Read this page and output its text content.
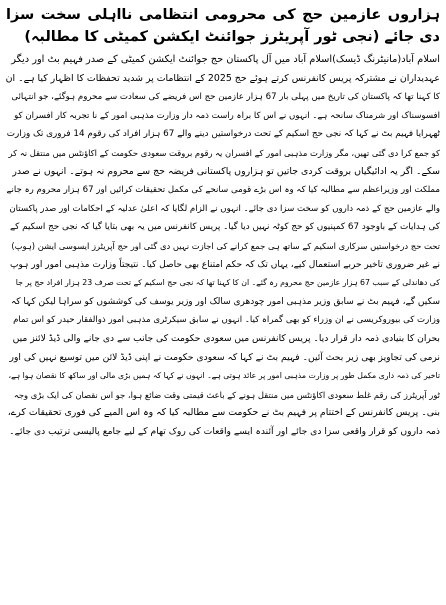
ہزاروں عازمین حج کی محرومی انتظامی نااہلی سخت سزا دی جائے (نجی ٹور آپریٹرز جوائنٹ ایکشن کمیٹی کا مطالبہ)
اسلام آباد(مانیٹرنگ ڈیسک)اسلام آباد میں آل پاکستان حج جوائنٹ ایکشن کمیٹی کے صدر فہیم بٹ اور دیگر
عہدیداران نے مشترکہ پریس کانفرنس کرتے ہوئے حج 2025 کے انتظامات پر شدید تحفظات کا اظہار کیا ہے۔ ان
کا کہنا تھا کہ پاکستان کی تاریخ میں پہلی بار 67 ہزار عازمین حج اس فریضے کی سعادت سے محروم ہوگئے، جو انتہائی
افسوسناک اور شرمناک سانحہ ہے۔ انہوں نے اس کا براہ راست ذمہ دار وزارت مذہبی امور کے نا تجربہ کار افسران کو
ٹھہرایا فہیم بٹ نے کہا کہ نجی حج اسکیم کے تحت درخواستیں دینے والے 67 ہزار افراد کی رقوم 14 فروری تک وزارت
کو جمع کرا دی گئی تھیں، مگر وزارت مذہبی امور کے افسران یہ رقوم بروقت سعودی حکومت کے اکاؤنٹس میں منتقل نہ کر
سکے۔ اگر یہ ادائیگیاں بروقت کردی جاتیں تو ہزاروں پاکستانی فریضہ حج سے محروم نہ ہوتے۔ انہوں نے صدر
مملکت اور وزیراعظم سے مطالبہ کیا کہ وہ اس بڑے قومی سانحے کی مکمل تحقیقات کرائیں اور 67 ہزار محروم رہ جانے
والے عازمین حج کے ذمہ داروں کو سخت سزا دی جائے۔ انہوں نے الزام لگایا کہ اعلیٰ عدلیہ کے احکامات اور صدر پاکستان
کی ہدایات کے باوجود 67 کمپنیوں کو حج کوٹہ نہیں دیا گیا۔ پریس کانفرنس میں یہ بھی بتایا گیا کہ نجی حج اسکیم کے
تحت حج درخواستیں سرکاری اسکیم کے ساتھ ہی جمع کرانے کی اجازت نہیں دی گئی اور حج آپریٹرز ایسوسی ایشن (ہوپ)
نے غیر ضروری تاخیر حربے استعمال کیے، یہاں تک کہ حکم امتناع بھی حاصل کیا۔ نتیجتاً وزارت مذہبی امور اور ہوپ
کی دھاندلی کے سبب 67 ہزار عازمین حج محروم رہ گئے۔ ان کا کہنا تھا کہ نجی حج اسکیم کے تحت صرف 23 ہزار افراد حج پر جا
سکیں گے، فہیم بٹ نے سابق وزیر مذہبی امور چودھری سالک اور وزیر یوسف کی کوششوں کو سراہا لیکن کہا کہ
وزارت کی بیوروکریسی نے ان وزراء کو بھی گمراہ کیا۔ انہوں نے سابق سیکرٹری مذہبی امور ذوالفقار حیدر کو اس تمام
بحران کا بنیادی ذمہ دار قرار دیا۔ پریس کانفرنس میں سعودی حکومت کی جانب سے دی جانے والی ڈیڈ لائنز میں
نرمی کی تجاویز بھی زیر بحث آئیں۔ فہیم بٹ نے کہا کہ سعودی حکومت نے اپنی ڈیڈ لائن میں توسیع نہیں کی اور
تاخیر کی ذمہ داری مکمل طور پر وزارت مذہبی امور پر عائد ہوتی ہے۔ انہوں نے کہا کہ ہمیں بڑی مالی اور ساکھ کا نقصان ہوا ہے،
ٹور آپریٹرز کی رقم غلط سعودی اکاؤنٹس میں منتقل ہونے کے باعث قیمتی وقت ضائع ہوا، جو اس نقصان کی ایک بڑی وجہ
بنی۔ پریس کانفرنس کے اختتام پر فہیم بٹ نے حکومت سے مطالبہ کیا کہ وہ اس المیے کی فوری تحقیقات کرے،
ذمہ داروں کو قرار واقعی سزا دی جائے اور آئندہ ایسے واقعات کی روک تھام کے لیے جامع پالیسی ترتیب دی جائے۔
